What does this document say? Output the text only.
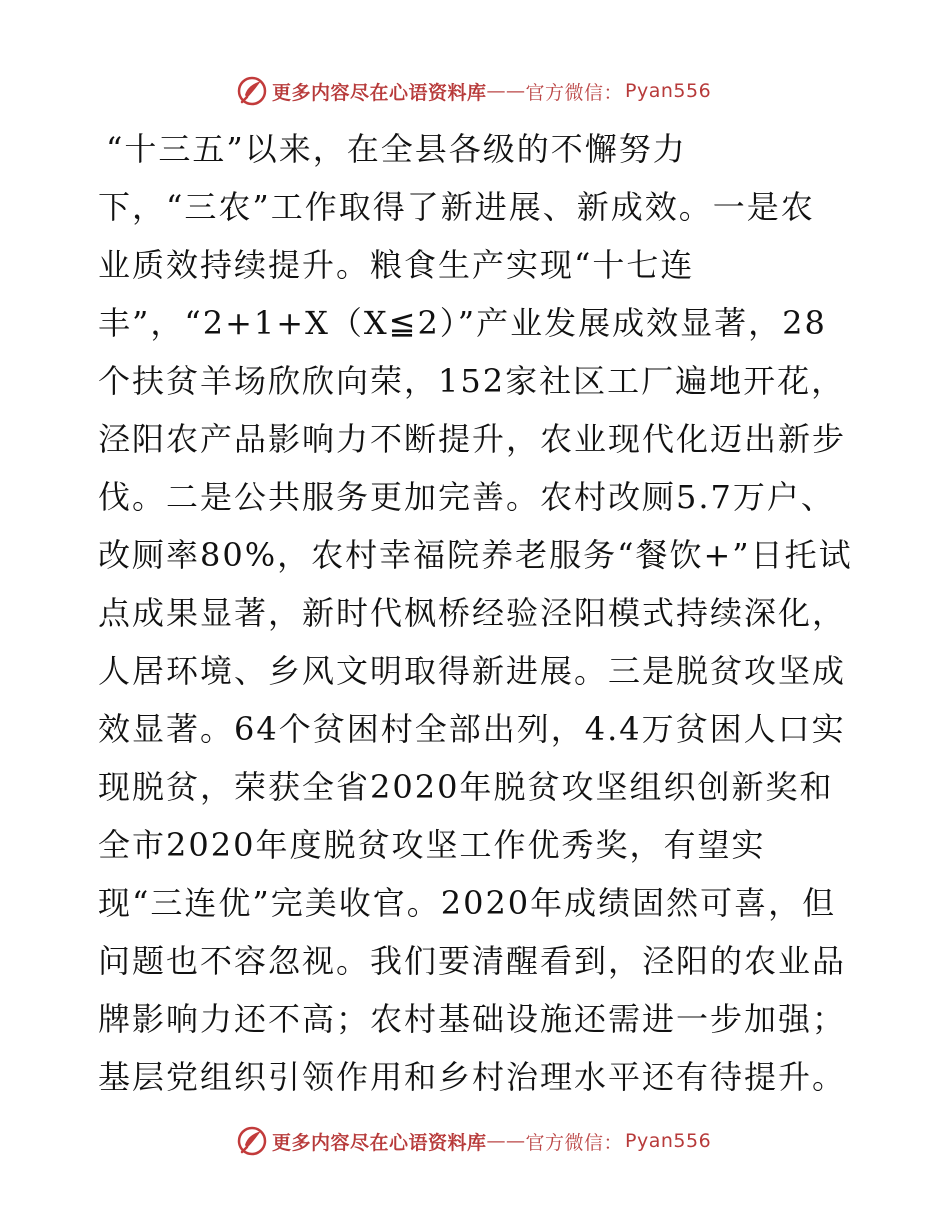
更多内容尽在心语资料库 —— 官方微信： Pyan556
“十三五”以来，在全县各级的不懈努力
下，“三农”工作取得了新进展、新成效。一是农
业质效持续提升。粮食生产实现“十七连
丰”，“2+1+X（X≦2）”产业发展成效显著，28
个扶贫羊场欣欣向荣，152家社区工厂遍地开花，
泾阳农产品影响力不断提升，农业现代化迈出新步
伐。二是公共服务更加完善。农村改厕5.7万户、
改厕率80%，农村幸福院养老服务“餐饮+”日托试
点成果显著，新时代枫桥经验泾阳模式持续深化，
人居环境、乡风文明取得新进展。三是脱贫攻坚成
效显著。64个贫困村全部出列，4.4万贫困人口实
现脱贫，荣获全省2020年脱贫攻坚组织创新奖和
全市2020年度脱贫攻坚工作优秀奖，有望实
现“三连优”完美收官。2020年成绩固然可喜，但
问题也不容忽视。我们要清醒看到，泾阳的农业品
牌影响力还不高；农村基础设施还需进一步加强；
基层党组织引领作用和乡村治理水平还有待提升。
更多内容尽在心语资料库 —— 官方微信： Pyan556
